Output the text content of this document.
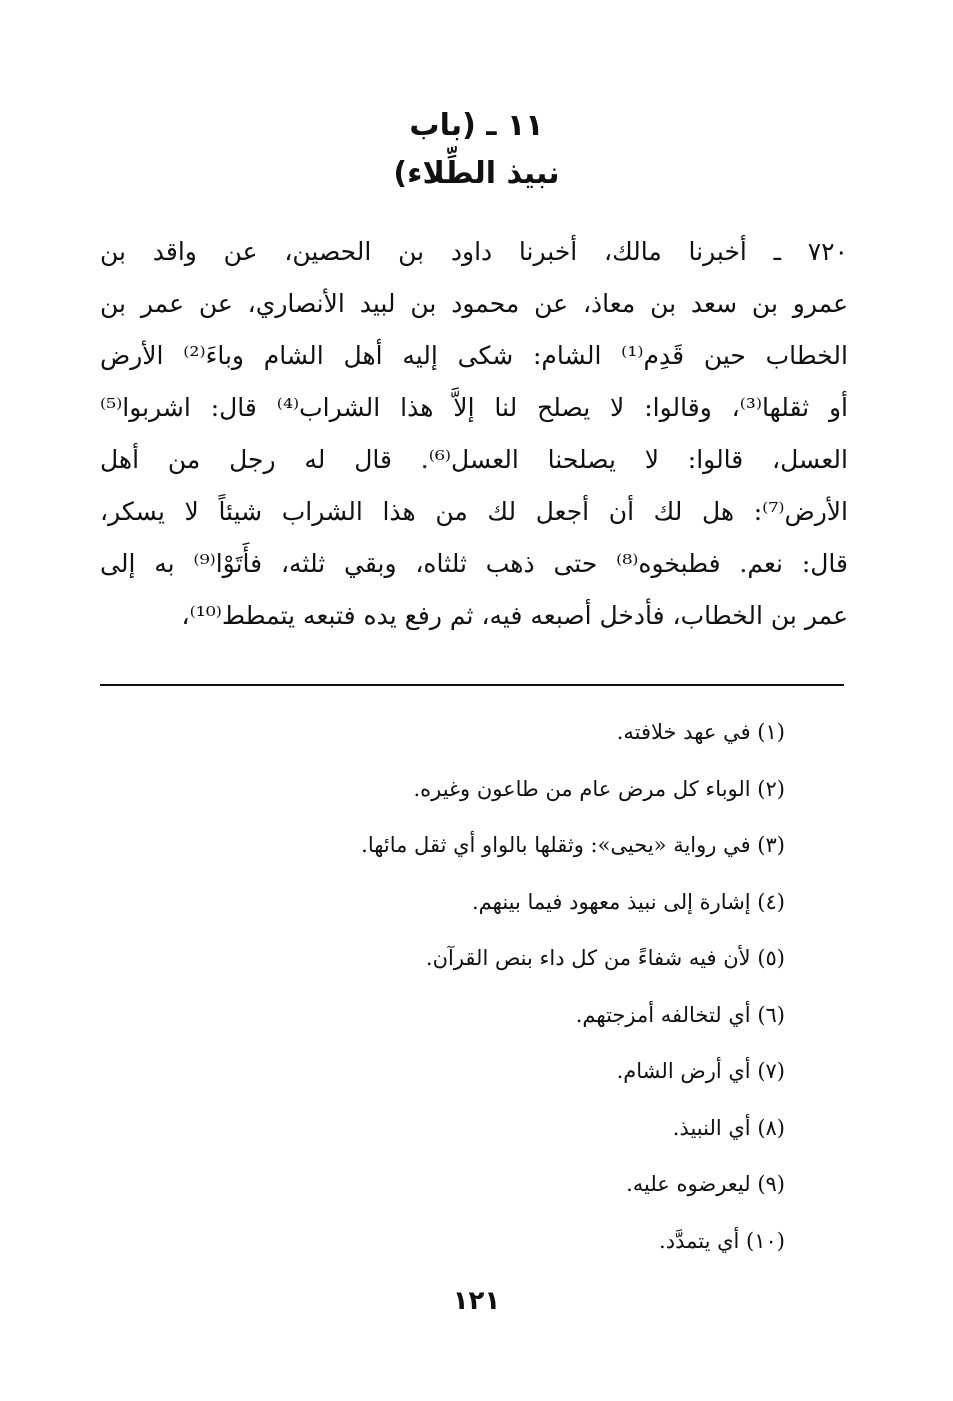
١١ ـ (باب
نبيذ الطِّلاء)
٧٢٠ ـ أخبرنا مالك، أخبرنا داود بن الحصين، عن واقد بن
عمرو بن سعد بن معاذ، عن محمود بن لبيد الأنصاري، عن عمر بن
الخطاب حين قَدِم⁽¹⁾ الشام: شكى إليه أهل الشام وباءَ⁽²⁾ الأرض
أو ثقلها⁽³⁾، وقالوا: لا يصلح لنا إلاَّ هذا الشراب⁽⁴⁾ قال: اشربوا⁽⁵⁾
العسل، قالوا: لا يصلحنا العسل⁽⁶⁾. قال له رجل من أهل
الأرض⁽⁷⁾: هل لك أن أجعل لك من هذا الشراب شيئاً لا يسكر،
قال: نعم. فطبخوه⁽⁸⁾ حتى ذهب ثلثاه، وبقي ثلثه، فأَتَوْا⁽⁹⁾ به إلى
عمر بن الخطاب، فأدخل أصبعه فيه، ثم رفع يده فتبعه يتمطط⁽¹⁰⁾،
(١) في عهد خلافته.
(٢) الوباء كل مرض عام من طاعون وغيره.
(٣) في رواية «يحيى»: وثقلها بالواو أي ثقل مائها.
(٤) إشارة إلى نبيذ معهود فيما بينهم.
(٥) لأن فيه شفاءً من كل داء بنص القرآن.
(٦) أي لتخالفه أمزجتهم.
(٧) أي أرض الشام.
(٨) أي النبيذ.
(٩) ليعرضوه عليه.
(١٠) أي يتمدَّد.
١٢١
